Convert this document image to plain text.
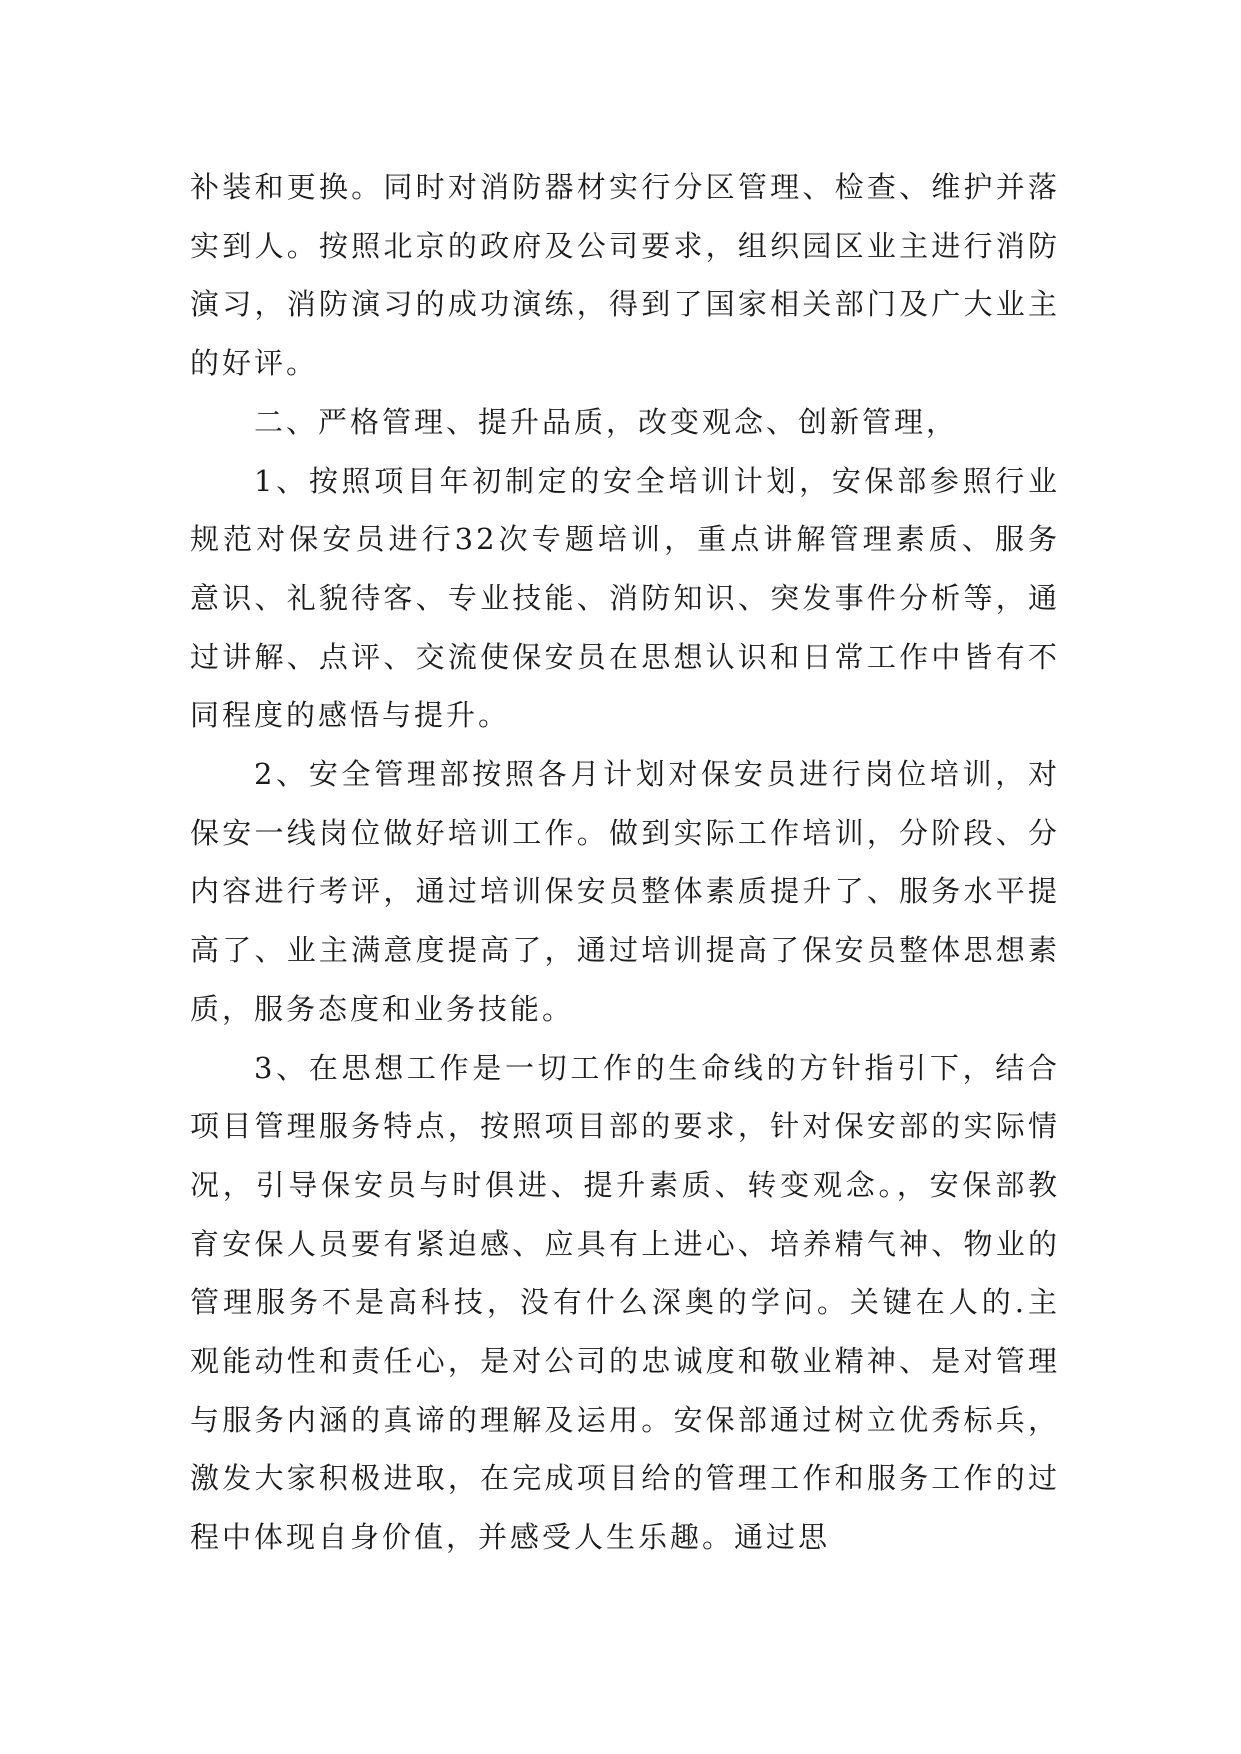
补装和更换。同时对消防器材实行分区管理、检查、维护并落实到人。按照北京的政府及公司要求，组织园区业主进行消防演习，消防演习的成功演练，得到了国家相关部门及广大业主的好评。

二、严格管理、提升品质，改变观念、创新管理，

1、按照项目年初制定的安全培训计划，安保部参照行业规范对保安员进行32次专题培训，重点讲解管理素质、服务意识、礼貌待客、专业技能、消防知识、突发事件分析等，通过讲解、点评、交流使保安员在思想认识和日常工作中皆有不同程度的感悟与提升。

2、安全管理部按照各月计划对保安员进行岗位培训，对保安一线岗位做好培训工作。做到实际工作培训，分阶段、分内容进行考评，通过培训保安员整体素质提升了、服务水平提高了、业主满意度提高了，通过培训提高了保安员整体思想素质，服务态度和业务技能。

3、在思想工作是一切工作的生命线的方针指引下，结合项目管理服务特点，按照项目部的要求，针对保安部的实际情况，引导保安员与时俱进、提升素质、转变观念。，安保部教育安保人员要有紧迫感、应具有上进心、培养精气神、物业的管理服务不是高科技，没有什么深奥的学问。关键在人的.主观能动性和责任心，是对公司的忠诚度和敬业精神、是对管理与服务内涵的真谛的理解及运用。安保部通过树立优秀标兵，激发大家积极进取，在完成项目给的管理工作和服务工作的过程中体现自身价值，并感受人生乐趣。通过思
